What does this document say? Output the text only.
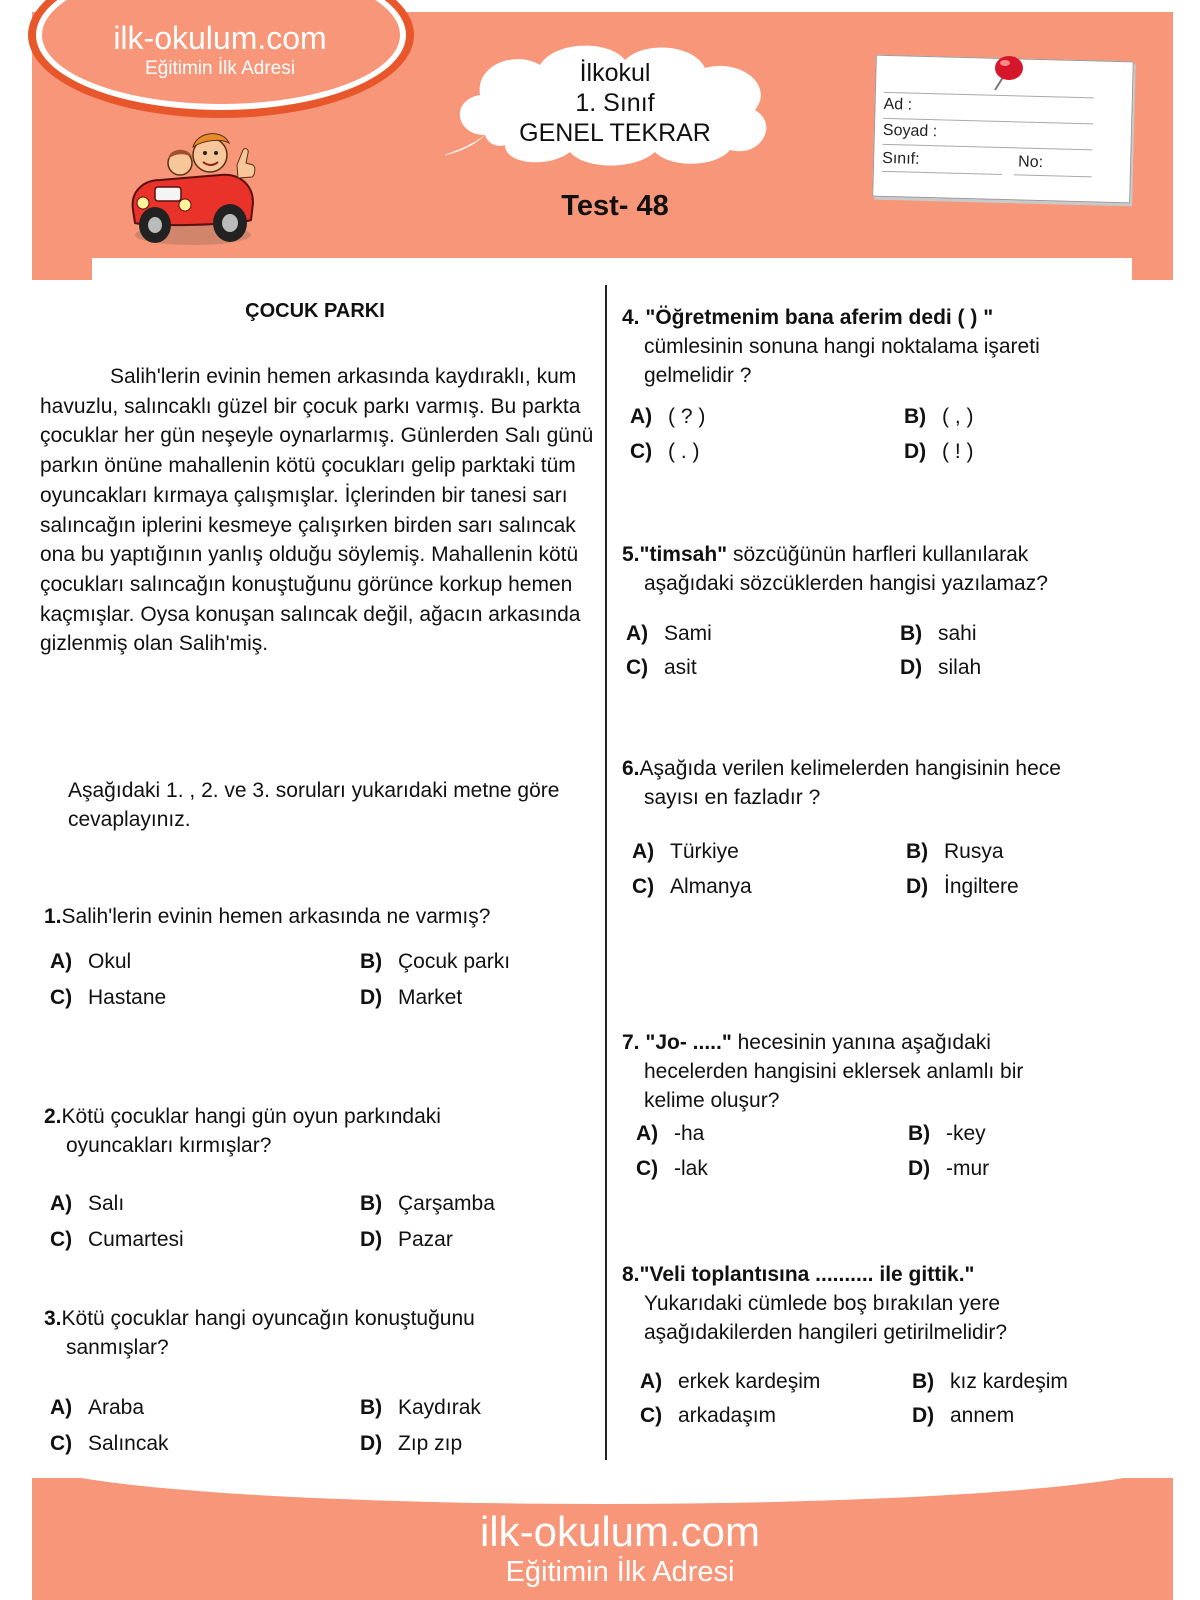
ilk-okulum.com
Eğitimin İlk Adresi	İlkokul
1. Sınıf
GENEL TEKRAR
Test- 48
Ad :
Soyad :
Sınıf:	No:
ÇOCUK PARKI

Salih'lerin evinin hemen arkasında kaydıraklı, kum havuzlu, salıncaklı güzel bir çocuk parkı varmış. Bu parkta çocuklar her gün neşeyle oynarlarmış. Günlerden Salı günü parkın önüne mahallenin kötü çocukları gelip parktaki tüm oyuncakları kırmaya çalışmışlar. İçlerinden bir tanesi sarı salıncağın iplerini kesmeye çalışırken birden sarı salıncak ona bu yaptığının yanlış olduğu söylemiş. Mahallenin kötü çocukları salıncağın konuştuğunu görünce korkup hemen kaçmışlar. Oysa konuşan salıncak değil, ağacın arkasında gizlenmiş olan Salih'miş.

Aşağıdaki 1. , 2. ve 3. soruları yukarıdaki metne göre cevaplayınız.
1.Salih'lerin evinin hemen arkasında ne varmış?
A) Okul	B) Çocuk parkı
C) Hastane	D) Market
2.Kötü çocuklar hangi gün oyun parkındaki
oyuncakları kırmışlar?
A) Salı	B) Çarşamba
C) Cumartesi	D) Pazar
3.Kötü çocuklar hangi oyuncağın konuştuğunu
sanmışlar?
A) Araba	B) Kaydırak
C) Salıncak	D) Zıp zıp
4. "Öğretmenim bana aferim dedi ( ) "
cümlesinin sonuna hangi noktalama işareti
gelmelidir ?
A) ( ? )	B) ( , )
C) ( . )	D) ( ! )
5."timsah" sözcüğünün harfleri kullanılarak
aşağıdaki sözcüklerden hangisi yazılamaz?
A) Sami	B) sahi
C) asit	D) silah
6.Aşağıda verilen kelimelerden hangisinin hece
sayısı en fazladır ?
A) Türkiye	B) Rusya
C) Almanya	D) İngiltere
7. "Jo- ....." hecesinin yanına aşağıdaki
hecelerden hangisini eklersek anlamlı bir
kelime oluşur?
A) -ha	B) -key
C) -lak	D) -mur
8."Veli toplantısına .......... ile gittik."
Yukarıdaki cümlede boş bırakılan yere
aşağıdakilerden hangileri getirilmelidir?
A) erkek kardeşim	B) kız kardeşim
C) arkadaşım	D) annem
ilk-okulum.com
Eğitimin İlk Adresi
